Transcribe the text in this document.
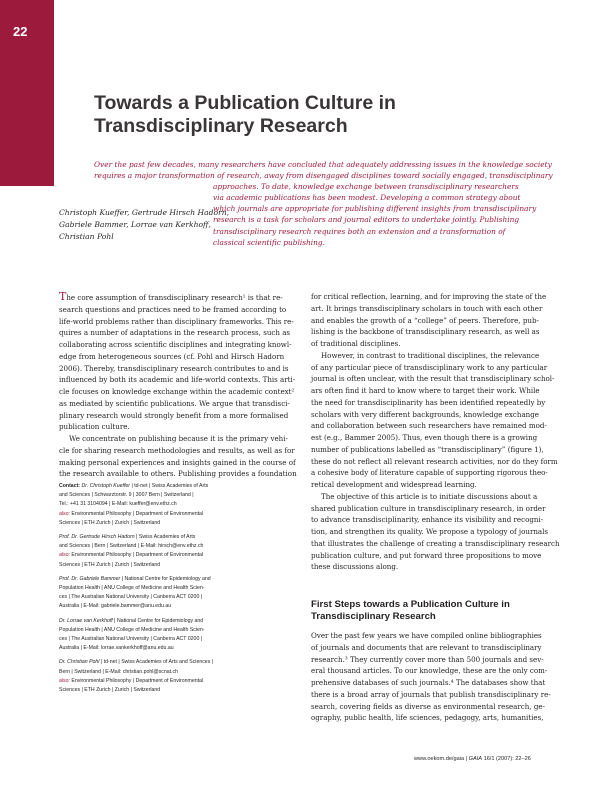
22
Towards a Publication Culture in
Transdisciplinary Research
Over the past few decades, many researchers have concluded that adequately addressing issues in the knowledge society
requires a major transformation of research, away from disengaged disciplines toward socially engaged, transdisciplinary
approaches. To date, knowledge exchange between transdisciplinary researchers
via academic publications has been modest. Developing a common strategy about
which journals are appropriate for publishing different insights from transdisciplinary
research is a task for scholars and journal editors to undertake jointly. Publishing
transdisciplinary research requires both an extension and a transformation of
classical scientific publishing.
Christoph Kueffer, Gertrude Hirsch Hadorn,
Gabriele Bammer, Lorrae van Kerkhoff,
Christian Pohl
The core assumption of transdisciplinary research¹ is that re-
search questions and practices need to be framed according to
life-world problems rather than disciplinary frameworks. This re-
quires a number of adaptations in the research process, such as
collaborating across scientific disciplines and integrating knowl-
edge from heterogeneous sources (cf. Pohl and Hirsch Hadorn
2006). Thereby, transdisciplinary research contributes to and is
influenced by both its academic and life-world contexts. This arti-
cle focuses on knowledge exchange within the academic context²
as mediated by scientific publications. We argue that transdisci-
plinary research would strongly benefit from a more formalised
publication culture.
We concentrate on publishing because it is the primary vehi-
cle for sharing research methodologies and results, as well as for
making personal experiences and insights gained in the course of
the research available to others. Publishing provides a foundation
Contact: Dr. Christoph Kueffer | td-net | Swiss Academies of Arts
and Sciences | Schwarztorstr. 9 | 3007 Bern | Switzerland |
Tel.: +41 31 3104094 | E-Mail: kueffer@env.ethz.ch
also: Environmental Philosophy | Department of Environmental
Sciences | ETH Zurich | Zurich | Switzerland
Prof. Dr. Gertrude Hirsch Hadorn | Swiss Academies of Arts
and Sciences | Bern | Switzerland | E-Mail: hirsch@env.ethz.ch
also: Environmental Philosophy | Department of Environmental
Sciences | ETH Zurich | Zurich | Switzerland
Prof. Dr. Gabriele Bammer | National Centre for Epidemiology and
Population Health | ANU College of Medicine and Health Scien-
ces | The Australian National University | Canberra ACT 0200 |
Australia | E-Mail: gabriele.bammer@anu.edu.au
Dr. Lorrae van Kerkhoff | National Centre for Epidemiology and
Population Health | ANU College of Medicine and Health Scien-
ces | The Australian National University | Canberra ACT 0200 |
Australia | E-Mail: lorrae.vankerkhoff@anu.edu.au
Dr. Christian Pohl | td-net | Swiss Academies of Arts and Sciences |
Bern | Switzerland | E-Mail: christian.pohl@scnat.ch
also: Environmental Philosophy | Department of Environmental
Sciences | ETH Zurich | Zurich | Switzerland
for critical reflection, learning, and for improving the state of the
art. It brings transdisciplinary scholars in touch with each other
and enables the growth of a “college” of peers. Therefore, pub-
lishing is the backbone of transdisciplinary research, as well as
of traditional disciplines.
However, in contrast to traditional disciplines, the relevance
of any particular piece of transdisciplinary work to any particular
journal is often unclear, with the result that transdisciplinary schol-
ars often find it hard to know where to target their work. While
the need for transdisciplinarity has been identified repeatedly by
scholars with very different backgrounds, knowledge exchange
and collaboration between such researchers have remained mod-
est (e.g., Bammer 2005). Thus, even though there is a growing
number of publications labelled as “transdisciplinary” (figure 1),
these do not reflect all relevant research activities, nor do they form
a cohesive body of literature capable of supporting rigorous theo-
retical development and widespread learning.
The objective of this article is to initiate discussions about a
shared publication culture in transdisciplinary research, in order
to advance transdisciplinarity, enhance its visibility and recogni-
tion, and strengthen its quality. We propose a typology of journals
that illustrates the challenge of creating a transdisciplinary research
publication culture, and put forward three propositions to move
these discussions along.
First Steps towards a Publication Culture in
Transdisciplinary Research
Over the past few years we have compiled online bibliographies
of journals and documents that are relevant to transdisciplinary
research.³ They currently cover more than 500 journals and sev-
eral thousand articles. To our knowledge, these are the only com-
prehensive databases of such journals.⁴ The databases show that
there is a broad array of journals that publish transdisciplinary re-
search, covering fields as diverse as environmental research, ge-
ography, public health, life sciences, pedagogy, arts, humanities,
www.oekom.de/gaia | GAIA 16/1 (2007): 22–26
